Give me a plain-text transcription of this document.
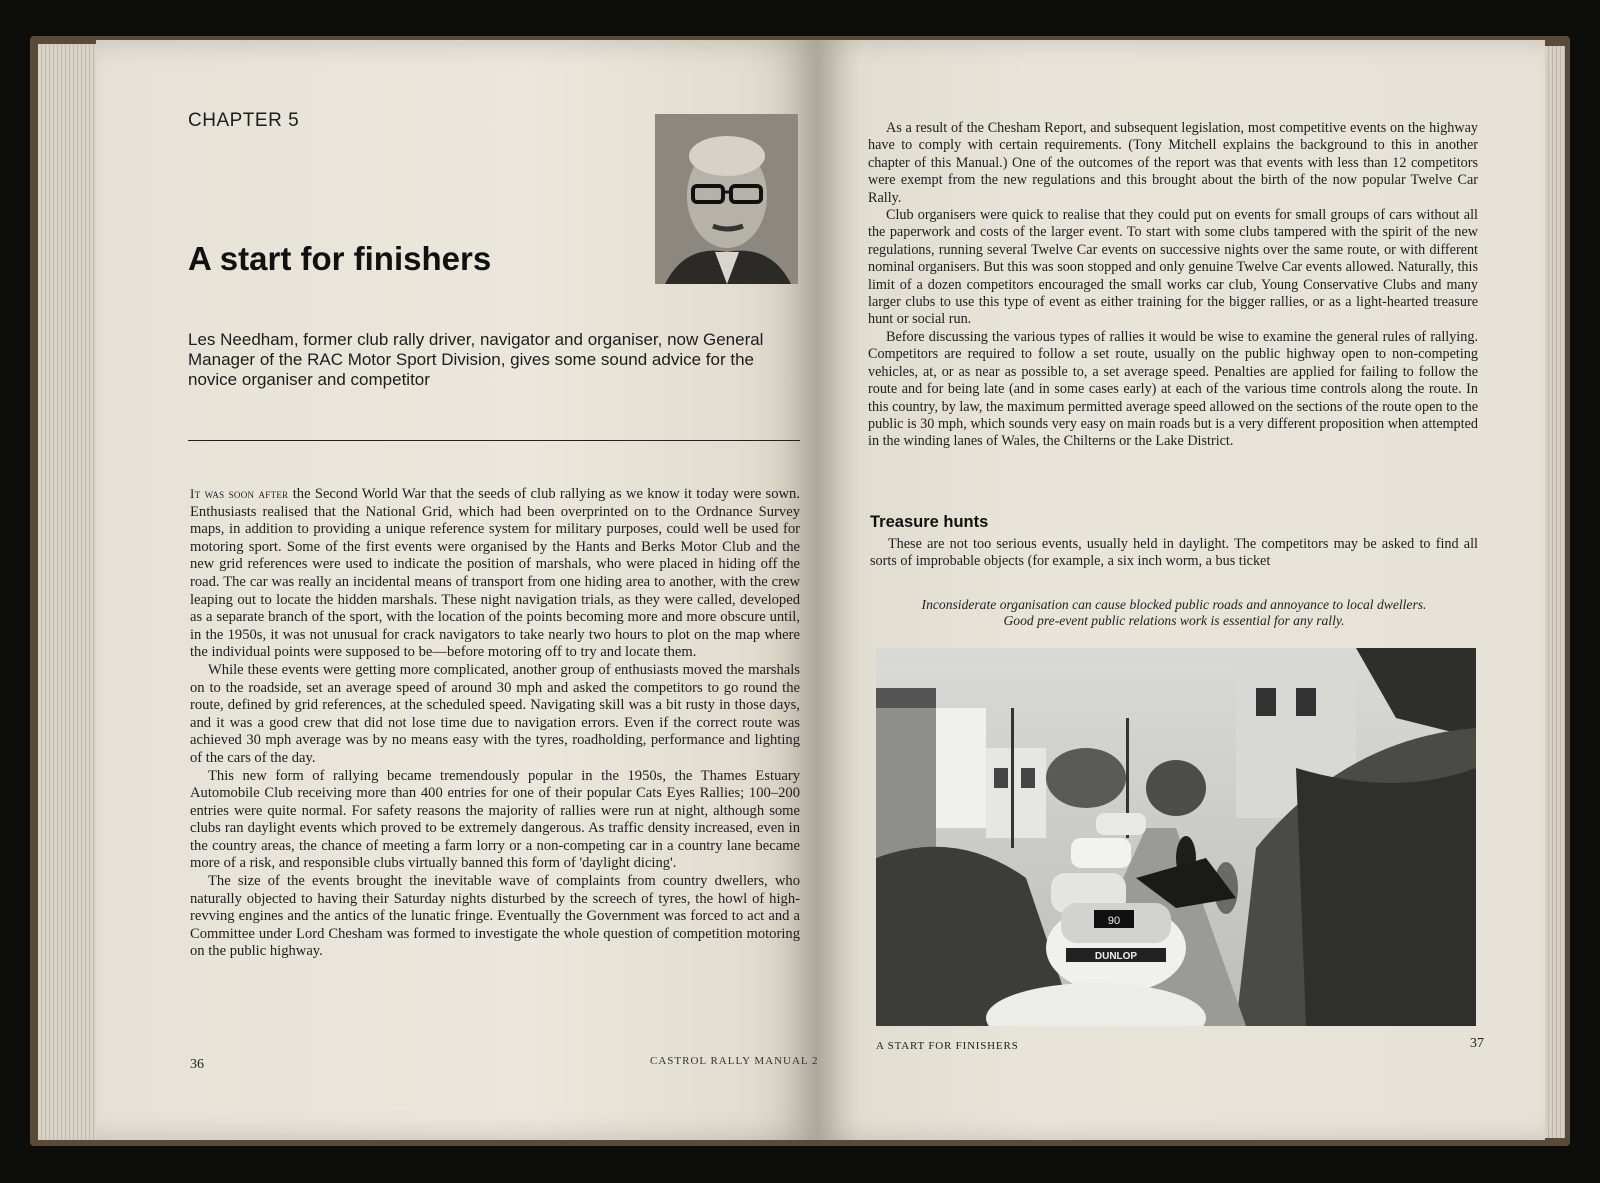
CHAPTER 5
A start for finishers
Les Needham, former club rally driver, navigator and organiser, now General Manager of the RAC Motor Sport Division, gives some sound advice for the novice organiser and competitor

It was soon after the Second World War that the seeds of club rallying as we know it today were sown. Enthusiasts realised that the National Grid, which had been overprinted on to the Ordnance Survey maps, in addition to providing a unique reference system for military purposes, could well be used for motoring sport. Some of the first events were organised by the Hants and Berks Motor Club and the new grid references were used to indicate the position of marshals, who were placed in hiding off the road. The car was really an incidental means of transport from one hiding area to another, with the crew leaping out to locate the hidden marshals. These night navigation trials, as they were called, developed as a separate branch of the sport, with the location of the points becoming more and more obscure until, in the 1950s, it was not unusual for crack navigators to take nearly two hours to plot on the map where the individual points were supposed to be—before motoring off to try and locate them.

While these events were getting more complicated, another group of enthusiasts moved the marshals on to the roadside, set an average speed of around 30 mph and asked the competitors to go round the route, defined by grid references, at the scheduled speed. Navigating skill was a bit rusty in those days, and it was a good crew that did not lose time due to navigation errors. Even if the correct route was achieved 30 mph average was by no means easy with the tyres, roadholding, performance and lighting of the cars of the day.

This new form of rallying became tremendously popular in the 1950s, the Thames Estuary Automobile Club receiving more than 400 entries for one of their popular Cats Eyes Rallies; 100–200 entries were quite normal. For safety reasons the majority of rallies were run at night, although some clubs ran daylight events which proved to be extremely dangerous. As traffic density increased, even in the country areas, the chance of meeting a farm lorry or a non-competing car in a country lane became more of a risk, and responsible clubs virtually banned this form of 'daylight dicing'.

The size of the events brought the inevitable wave of complaints from country dwellers, who naturally objected to having their Saturday nights disturbed by the screech of tyres, the howl of high-revving engines and the antics of the lunatic fringe. Eventually the Government was forced to act and a Committee under Lord Chesham was formed to investigate the whole question of competition motoring on the public highway.

36	CASTROL RALLY MANUAL 2

As a result of the Chesham Report, and subsequent legislation, most competitive events on the highway have to comply with certain requirements. (Tony Mitchell explains the background to this in another chapter of this Manual.) One of the outcomes of the report was that events with less than 12 competitors were exempt from the new regulations and this brought about the birth of the now popular Twelve Car Rally.

Club organisers were quick to realise that they could put on events for small groups of cars without all the paperwork and costs of the larger event. To start with some clubs tampered with the spirit of the new regulations, running several Twelve Car events on successive nights over the same route, or with different nominal organisers. But this was soon stopped and only genuine Twelve Car events allowed. Naturally, this limit of a dozen competitors encouraged the small works car club, Young Conservative Clubs and many larger clubs to use this type of event as either training for the bigger rallies, or as a light-hearted treasure hunt or social run.

Before discussing the various types of rallies it would be wise to examine the general rules of rallying. Competitors are required to follow a set route, usually on the public highway open to non-competing vehicles, at, or as near as possible to, a set average speed. Penalties are applied for failing to follow the route and for being late (and in some cases early) at each of the various time controls along the route. In this country, by law, the maximum permitted average speed allowed on the sections of the route open to the public is 30 mph, which sounds very easy on main roads but is a very different proposition when attempted in the winding lanes of Wales, the Chilterns or the Lake District.

Treasure hunts

These are not too serious events, usually held in daylight. The competitors may be asked to find all sorts of improbable objects (for example, a six inch worm, a bus ticket

Inconsiderate organisation can cause blocked public roads and annoyance to local dwellers.
Good pre-event public relations work is essential for any rally.
90
DUNLOP
A START FOR FINISHERS	37
